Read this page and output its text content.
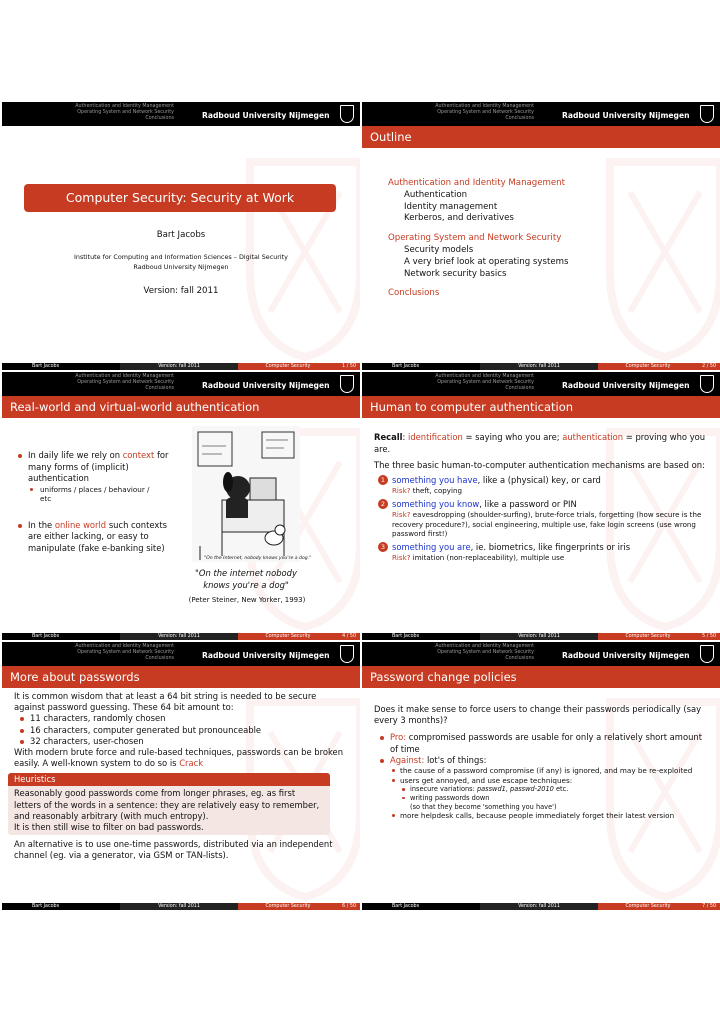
Authentication and Identity Management
Operating System and Network Security
Conclusions	Radboud University Nijmegen
Computer Security: Security at Work
Bart Jacobs
Institute for Computing and Information Sciences – Digital Security
Radboud University Nijmegen
Version: fall 2011
Authentication and Identity Management
Operating System and Network Security
Conclusions	Radboud University Nijmegen
Outline
Authentication and Identity Management
Authentication
Identity management
Kerberos, and derivatives
Operating System and Network Security
Security models
A very brief look at operating systems
Network security basics
Conclusions
Authentication and Identity Management
Operating System and Network Security
Conclusions	Radboud University Nijmegen
Real-world and virtual-world authentication
In daily life we rely on context for many forms of (implicit) authentication
uniforms / places / behaviour / etc
In the online world such contexts are either lacking, or easy to manipulate (fake e-banking site)
"On the Internet, nobody knows you're a dog."
"On the internet nobody knows you're a dog"
(Peter Steiner, New Yorker, 1993)
Bart Jacobs	Version: fall 2011	Computer Security	4 / 50
Authentication and Identity Management
Operating System and Network Security
Conclusions	Radboud University Nijmegen
Human to computer authentication

Recall: identification = saying who you are; authentication = proving who you are.

The three basic human-to-computer authentication mechanisms are based on:

1 something you have, like a (physical) key, or card
Risk? theft, copying
2 something you know, like a password or PIN
Risk? eavesdropping (shoulder-surfing), brute-force trials, forgetting (how secure is the recovery procedure?), social engineering, multiple use, fake login screens (use wrong password first!)
3 something you are, ie. biometrics, like fingerprints or iris
Risk? imitation (non-replaceability), multiple use
Bart Jacobs	Version: fall 2011	Computer Security	5 / 50
Authentication and Identity Management
Operating System and Network Security
Conclusions	Radboud University Nijmegen
More about passwords

It is common wisdom that at least a 64 bit string is needed to be secure against password guessing. These 64 bit amount to:

11 characters, randomly chosen
16 characters, computer generated but pronounceable
32 characters, user-chosen

With modern brute force and rule-based techniques, passwords can be broken easily. A well-known system to do so is Crack

Heuristics

Reasonably good passwords come from longer phrases, eg. as first letters of the words in a sentence: they are relatively easy to remember, and reasonably arbitrary (with much entropy).

It is then still wise to filter on bad passwords.

An alternative is to use one-time passwords, distributed via an independent channel (eg. via a generator, via GSM or TAN-lists).

Bart Jacobs	Version: fall 2011	Computer Security	6 / 50
Authentication and Identity Management
Operating System and Network Security
Conclusions	Radboud University Nijmegen
Password change policies

Does it make sense to force users to change their passwords periodically (say every 3 months)?

Pro: compromised passwords are usable for only a relatively short amount of time
Against: lot's of things:
the cause of a password compromise (if any) is ignored, and may be re-exploited
users get annoyed, and use escape techniques:
insecure variations: passwd1, passwd-2010 etc.
writing passwords down
(so that they become 'something you have')
more helpdesk calls, because people immediately forget their latest version
Bart Jacobs	Version: fall 2011	Computer Security	7 / 50
Bart Jacobs	Version: fall 2011	Computer Security	1 / 50	Bart Jacobs	Version: fall 2011	Computer Security	2 / 50
